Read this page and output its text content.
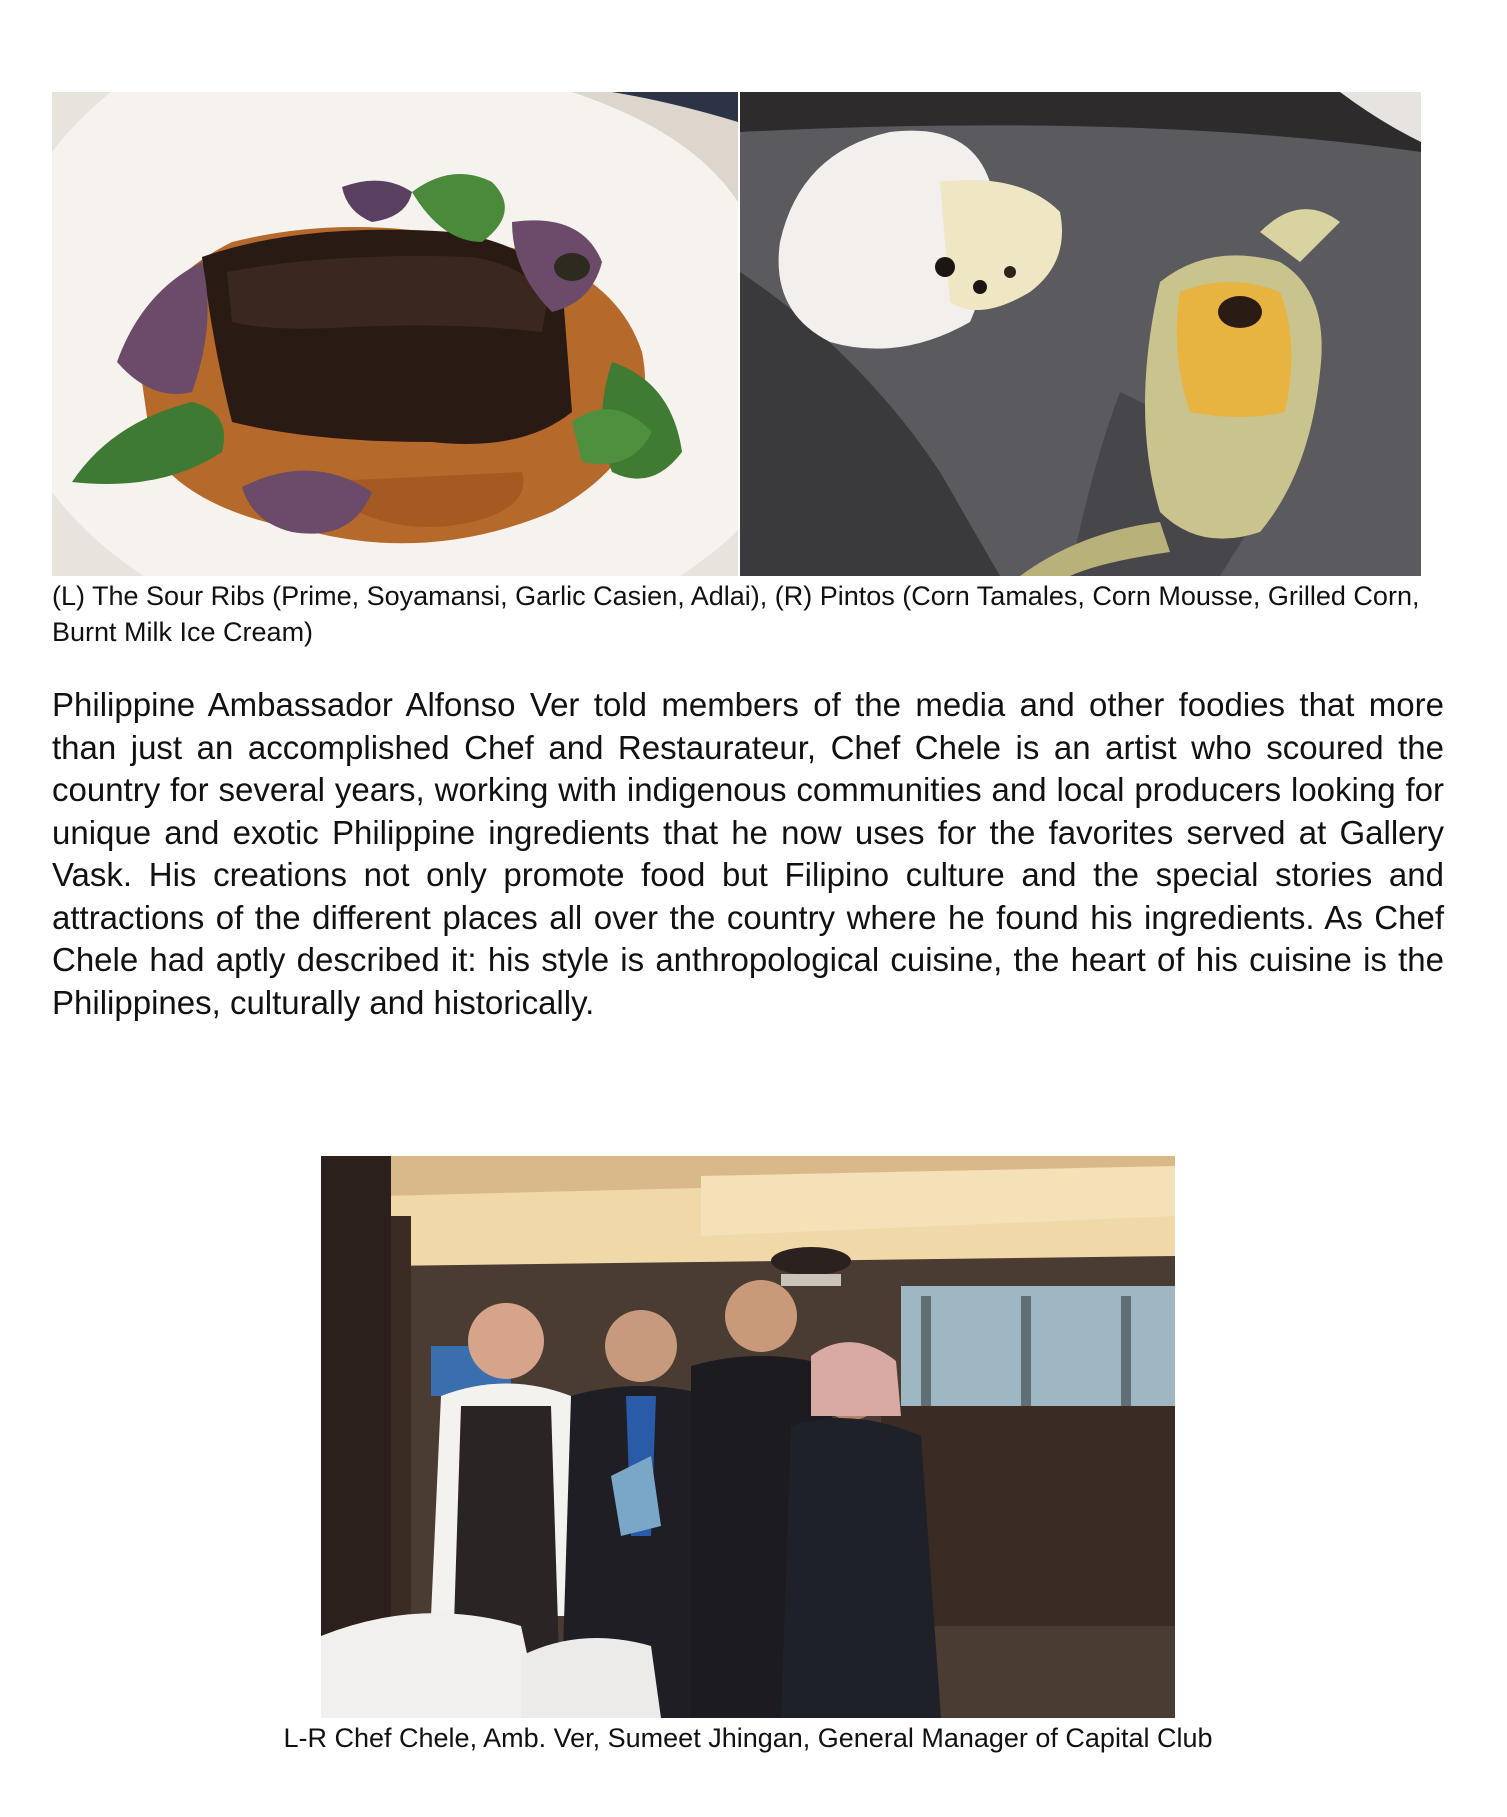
(L) The Sour Ribs (Prime, Soyamansi, Garlic Casien, Adlai), (R) Pintos (Corn Tamales, Corn Mousse, Grilled Corn, Burnt Milk Ice Cream)

Philippine Ambassador Alfonso Ver told members of the media and other foodies that more than just an accomplished Chef and Restaurateur, Chef Chele is an artist who scoured the country for several years, working with indigenous communities and local producers looking for unique and exotic Philippine ingredients that he now uses for the favorites served at Gallery Vask. His creations not only promote food but Filipino culture and the special stories and attractions of the different places all over the country where he found his ingredients. As Chef Chele had aptly described it: his style is anthropological cuisine, the heart of his cuisine is the Philippines, culturally and historically.

L-R Chef Chele, Amb. Ver, Sumeet Jhingan, General Manager of Capital Club
